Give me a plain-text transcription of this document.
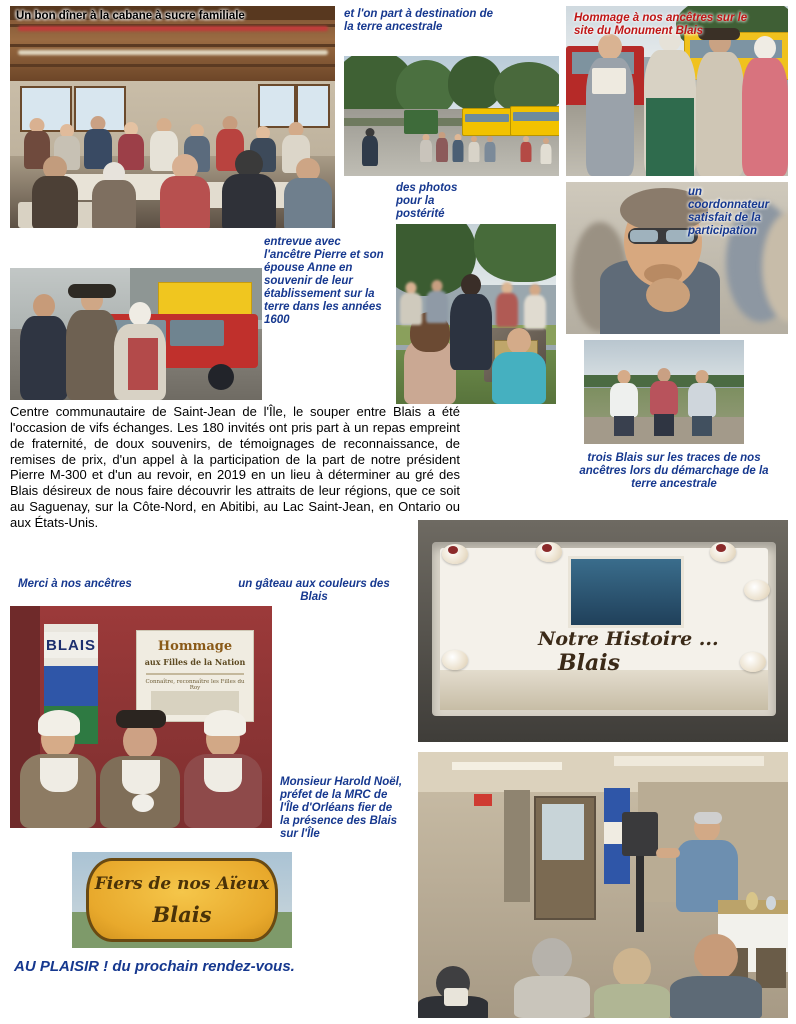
Un bon dîner à la cabane à sucre familiale	et l'on part à destination de la terre ancestrale
Hommage à nos ancêtres sur le site du Monument Blais
des photos pour la postérité
un coordonnateur satisfait de la participation
entrevue avec l'ancêtre Pierre et son épouse Anne en souvenir de leur établissement sur la terre dans les années 1600
trois Blais sur les traces de nos ancêtres lors du démarchage de la terre ancestrale
Centre communautaire de Saint-Jean de l'Île, le souper entre Blais a été l'occasion de vifs échanges. Les 180 invités ont pris part à un repas empreint de fraternité, de doux souvenirs, de témoignages de reconnaissance, de remises de prix, d'un appel à la participation de la part de notre président Pierre M-300 et d'un au revoir, en 2019 en un lieu à déterminer au gré des Blais désireux de nous faire découvrir les attraits de leur régions, que ce soit au Saguenay, sur la Côte-Nord, en Abitibi, au Lac Saint-Jean, en Ontario ou aux États-Unis.
Merci à nos ancêtres	un gâteau aux couleurs des Blais
Notre Histoire ...
Blais
BLAIS	Hommage
aux Filles de la Nation
Connaître, reconnaître les Filles du Roy
Monsieur Harold Noël, préfet de la MRC de l'Île d'Orléans fier de la présence des Blais sur l'Île
Fiers de nos Aïeux
Blais
AU PLAISIR ! du prochain rendez-vous.
